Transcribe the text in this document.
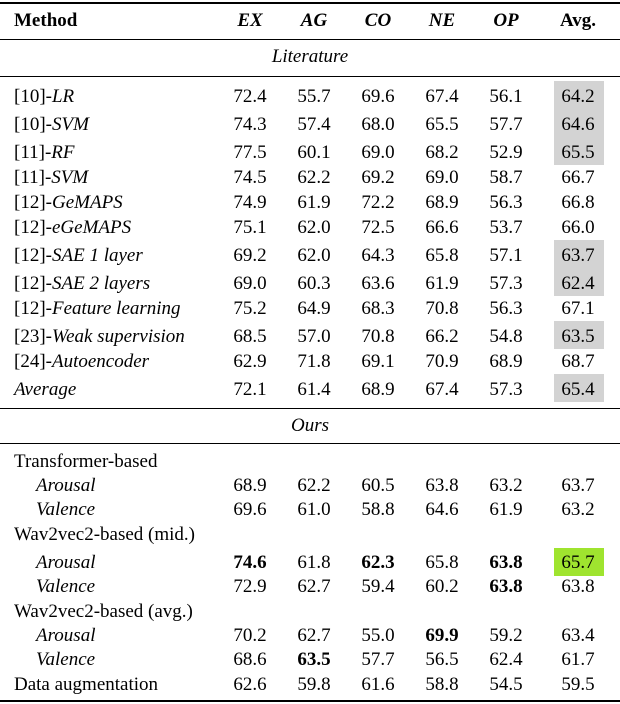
Method	EX	AG	CO	NE	OP	Avg.
Literature
[10]-LR	72.4	55.7	69.6	67.4	56.1	64.2
[10]-SVM	74.3	57.4	68.0	65.5	57.7	64.6
[11]-RF	77.5	60.1	69.0	68.2	52.9	65.5
[11]-SVM	74.5	62.2	69.2	69.0	58.7	66.7
[12]-GeMAPS	74.9	61.9	72.2	68.9	56.3	66.8
[12]-eGeMAPS	75.1	62.0	72.5	66.6	53.7	66.0
[12]-SAE 1 layer	69.2	62.0	64.3	65.8	57.1	63.7
[12]-SAE 2 layers	69.0	60.3	63.6	61.9	57.3	62.4
[12]-Feature learning	75.2	64.9	68.3	70.8	56.3	67.1
[23]-Weak supervision	68.5	57.0	70.8	66.2	54.8	63.5
[24]-Autoencoder	62.9	71.8	69.1	70.9	68.9	68.7
Average	72.1	61.4	68.9	67.4	57.3	65.4
Ours
Transformer-based
Arousal	68.9	62.2	60.5	63.8	63.2	63.7
Valence	69.6	61.0	58.8	64.6	61.9	63.2
Wav2vec2-based (mid.)
Arousal	74.6	61.8	62.3	65.8	63.8	65.7
Valence	72.9	62.7	59.4	60.2	63.8	63.8
Wav2vec2-based (avg.)
Arousal	70.2	62.7	55.0	69.9	59.2	63.4
Valence	68.6	63.5	57.7	56.5	62.4	61.7
Data augmentation	62.6	59.8	61.6	58.8	54.5	59.5
